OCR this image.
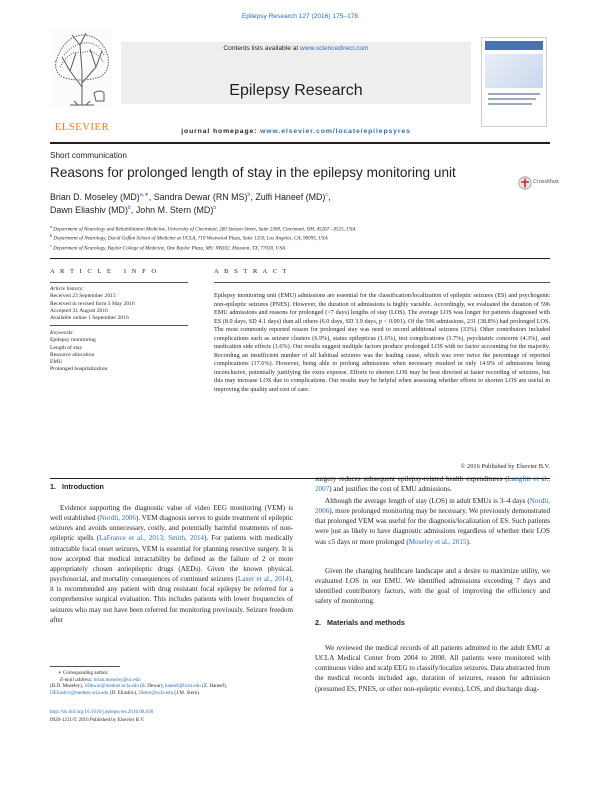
Epilepsy Research 127 (2016) 175–178
ELSEVIER
Contents lists available at www.sciencedirect.com
Epilepsy Research
journal homepage: www.elsevier.com/locate/epilepsyres
Short communication
Reasons for prolonged length of stay in the epilepsy monitoring unit
CrossMark
Brian D. Moseley (MD)$^{a,∗}$, Sandra Dewar (RN MS)$^b$, Zulfi Haneef (MD)$^c$,
Dawn Eliashiv (MD)$^b$, John M. Stern (MD)$^b$
$^a$ Department of Neurology and Rehabilitation Medicine, University of Cincinnati, 260 Stetson Street, Suite 2300, Cincinnati, OH, 45267 - 0525, USA
$^b$ Department of Neurology, David Geffen School of Medicine at UCLA, 710 Westwood Plaza, Suite 1250, Los Angeles, CA, 90095, USA
$^c$ Department of Neurology, Baylor College of Medicine, One Baylor Plaza, MS: NB302, Houston, TX, 77030, USA
A R T I C L E   I N F O
Article history:
Received 23 September 2015
Received in revised form 3 May 2016
Accepted 31 August 2016
Available online 1 September 2016
Keywords:
Epilepsy monitoring
Length of stay
Resource allocation
EMU
Prolonged hospitalization
A B S T R A C T

Epilepsy monitoring unit (EMU) admissions are essential for the classification/localization of epileptic seizures (ES) and psychogenic non-epileptic seizures (PNES). However, the duration of admissions is highly variable. Accordingly, we evaluated the duration of 596 EMU admissions and reasons for prolonged (>7 days) lengths of stay (LOS). The average LOS was longer for patients diagnosed with ES (8.0 days, SD 4.1 days) than all others (6.0 days, SD 3.9 days, p < 0.001). Of the 596 admissions, 231 (38.8%) had prolonged LOS. The most commonly reported reason for prolonged stay was need to record additional seizures (33%). Other contributors included complications such as seizure clusters (6.9%), status epilepticus (1.6%), test complications (3.7%), psychiatric concerns (4.3%), and medication side effects (1.6%). Our results suggest multiple factors produce prolonged LOS with no factor accounting for the majority. Recording an insufficient number of all habitual seizures was the leading cause, which was over twice the percentage of reported complications (17.6%). However, being able to prolong admissions when necessary resulted in only 14.9% of admissions being inconclusive, potentially justifying the extra expense. Efforts to shorten LOS may be best directed at faster recording of seizures, but this may increase LOS due to complications. Our results may be helpful when assessing whether efforts to shorten LOS are useful in improving the quality and cost of care.

© 2016 Published by Elsevier B.V.
1.   Introduction

Evidence supporting the diagnostic value of video EEG monitoring (VEM) is well established (Nordli, 2006). VEM diagnosis serves to guide treatment of epileptic seizures and avoids unnecessary, costly, and potentially harmful treatments of non-epileptic spells (LaFrance et al., 2013; Smith, 2014). For patients with medically intractable focal onset seizures, VEM is essential for planning resective surgery. It is now accepted that medical intractability be defined as the failure of 2 or more appropriately chosen antiepileptic drugs (AEDs). Given the known physical, psychosocial, and mortality consequences of continued seizures (Laxer et al., 2014), it is recommended any patient with drug resistant focal epilepsy be referred for a comprehensive surgical evaluation. This includes patients with lower frequencies of seizures who may not have been referred for monitoring previously. Seizure freedom after

∗ Corresponding author.
E-mail address: brian.moseley@uc.edu
(B.D. Moseley), SDewar@mednet.ucla.edu (S. Dewar), haneef@bcm.edu (Z. Haneef),
DEliashiv@mednet.ucla.edu (D. Eliashiv), JStern@ucla.edu (J.M. Stern).
http://dx.doi.org/10.1016/j.eplepsyres.2016.08.030
0920-1211/© 2016 Published by Elsevier B.V.

surgery reduces subsequent epilepsy-related health expenditures (Langfitt et al., 2007) and justifies the cost of EMU admissions.

Although the average length of stay (LOS) in adult EMUs is 3–4 days (Nordli, 2006), more prolonged monitoring may be necessary. We previously demonstrated that prolonged VEM was useful for the diagnosis/localization of ES. Such patients were just as likely to have diagnostic admissions regardless of whether their LOS was ≤5 days or more prolonged (Moseley et al., 2015).

Given the changing healthcare landscape and a desire to maximize utility, we evaluated LOS in our EMU. We identified admissions exceeding 7 days and identified contributory factors, with the goal of improving the efficiency and safety of monitoring.

2.   Materials and methods

We reviewed the medical records of all patients admitted to the adult EMU at UCLA Medical Center from 2004 to 2008. All patients were monitored with continuous video and scalp EEG to classify/localize seizures. Data abstracted from the medical records included age, duration of seizures, reason for admission (presumed ES, PNES, or other non-epileptic events), LOS, and discharge diag-
